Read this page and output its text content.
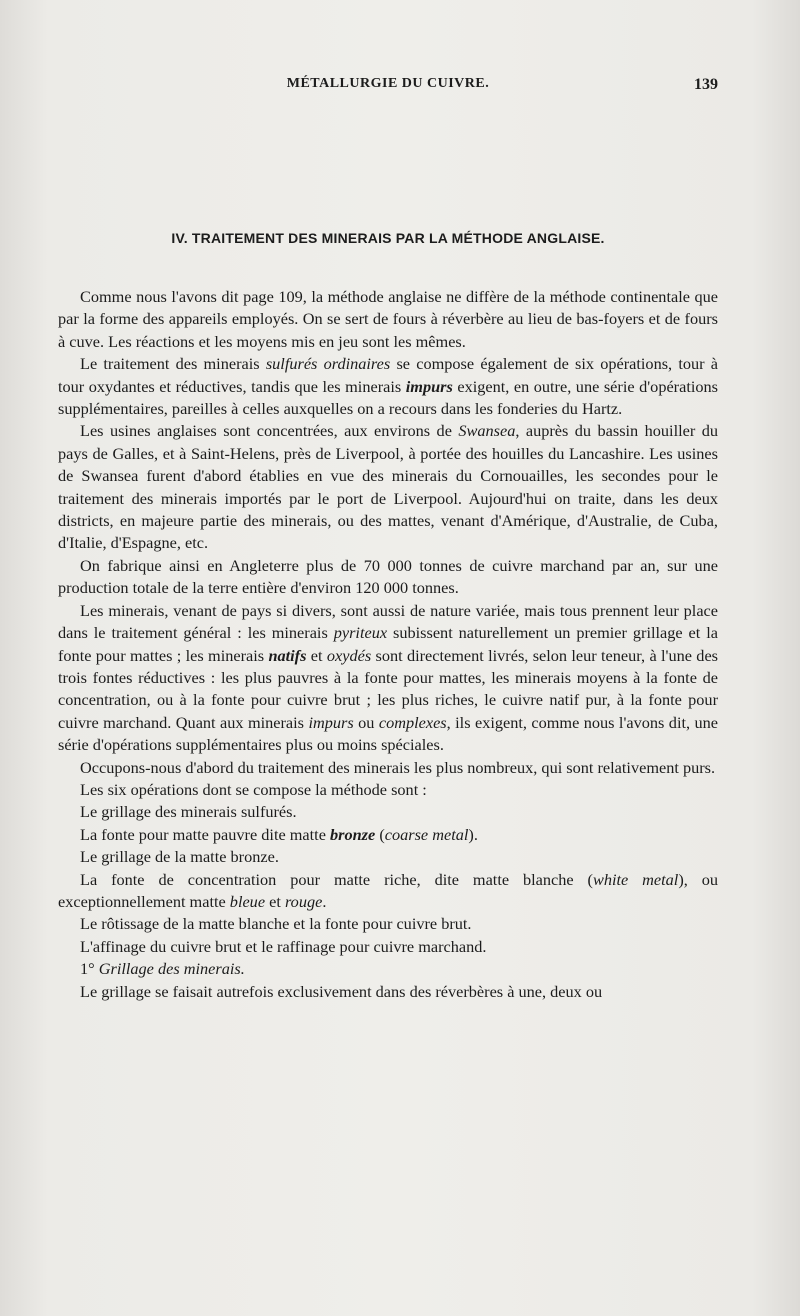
MÉTALLURGIE DU CUIVRE.	139
IV. TRAITEMENT DES MINERAIS PAR LA MÉTHODE ANGLAISE.

Comme nous l'avons dit page 109, la méthode anglaise ne diffère de la méthode continentale que par la forme des appareils employés. On se sert de fours à réverbère au lieu de bas-foyers et de fours à cuve. Les réactions et les moyens mis en jeu sont les mêmes.

Le traitement des minerais sulfurés ordinaires se compose également de six opérations, tour à tour oxydantes et réductives, tandis que les minerais impurs exigent, en outre, une série d'opérations supplémentaires, pareilles à celles auxquelles on a recours dans les fonderies du Hartz.

Les usines anglaises sont concentrées, aux environs de Swansea, auprès du bassin houiller du pays de Galles, et à Saint-Helens, près de Liverpool, à portée des houilles du Lancashire. Les usines de Swansea furent d'abord établies en vue des minerais du Cornouailles, les secondes pour le traitement des minerais importés par le port de Liverpool. Aujourd'hui on traite, dans les deux districts, en majeure partie des minerais, ou des mattes, venant d'Amérique, d'Australie, de Cuba, d'Italie, d'Espagne, etc.

On fabrique ainsi en Angleterre plus de 70 000 tonnes de cuivre marchand par an, sur une production totale de la terre entière d'environ 120 000 tonnes.

Les minerais, venant de pays si divers, sont aussi de nature variée, mais tous prennent leur place dans le traitement général : les minerais pyriteux subissent naturellement un premier grillage et la fonte pour mattes ; les minerais natifs et oxydés sont directement livrés, selon leur teneur, à l'une des trois fontes réductives : les plus pauvres à la fonte pour mattes, les minerais moyens à la fonte de concentration, ou à la fonte pour cuivre brut ; les plus riches, le cuivre natif pur, à la fonte pour cuivre marchand. Quant aux minerais impurs ou complexes, ils exigent, comme nous l'avons dit, une série d'opérations supplémentaires plus ou moins spéciales.

Occupons-nous d'abord du traitement des minerais les plus nombreux, qui sont relativement purs.

Les six opérations dont se compose la méthode sont :

Le grillage des minerais sulfurés.

La fonte pour matte pauvre dite matte bronze (coarse metal).

Le grillage de la matte bronze.

La fonte de concentration pour matte riche, dite matte blanche (white metal), ou exceptionnellement matte bleue et rouge.

Le rôtissage de la matte blanche et la fonte pour cuivre brut.

L'affinage du cuivre brut et le raffinage pour cuivre marchand.

1° Grillage des minerais.

Le grillage se faisait autrefois exclusivement dans des réverbères à une, deux ou
